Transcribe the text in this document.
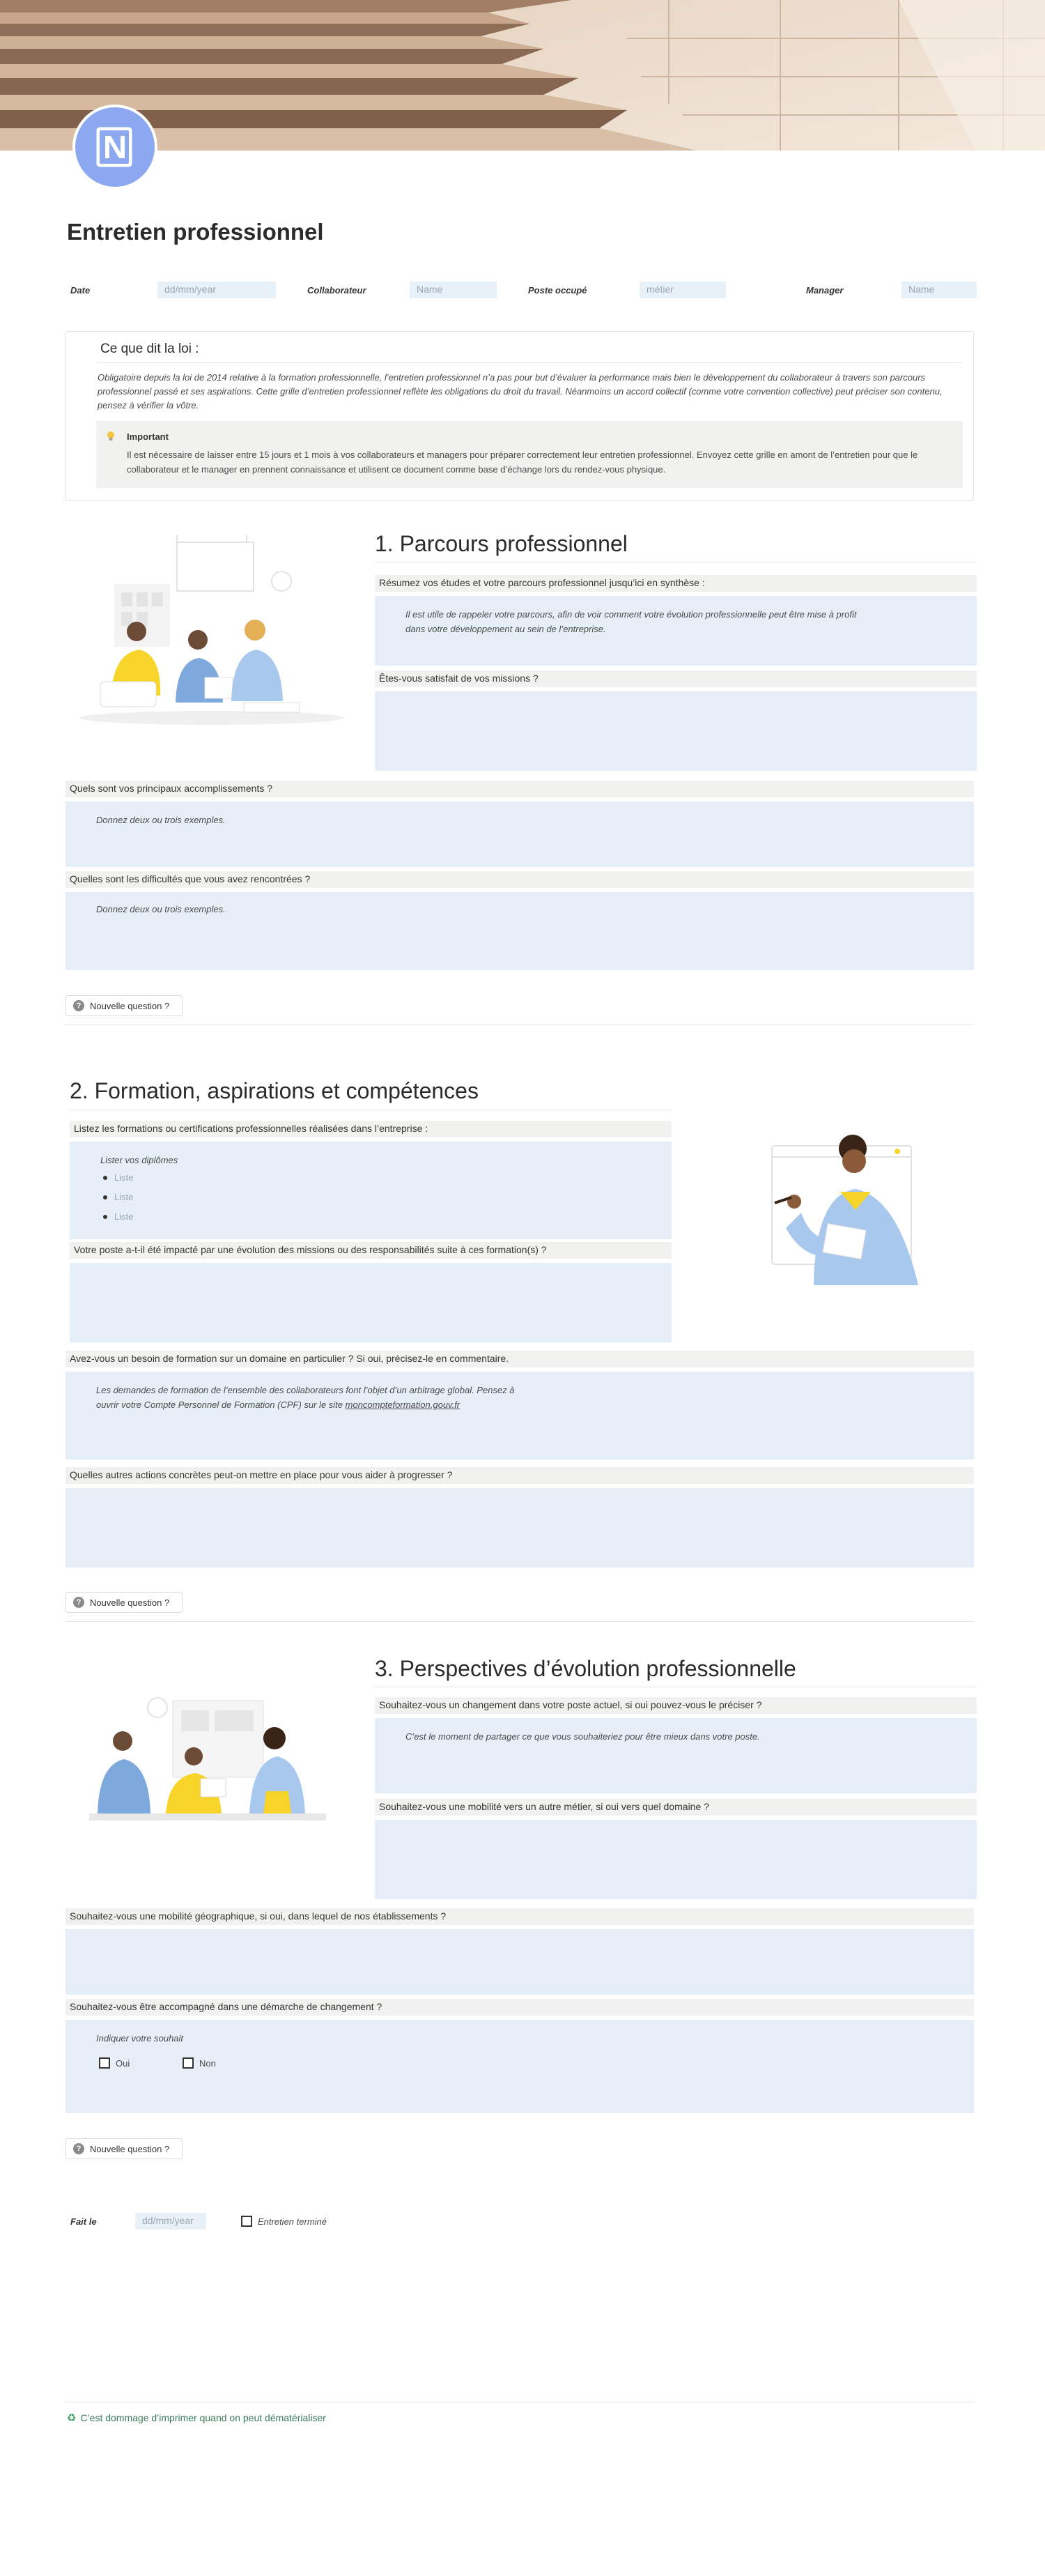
Entretien professionnel
Date	dd/mm/year	Collaborateur	Name	Poste occupé	métier	Manager	Name
Ce que dit la loi :
Obligatoire depuis la loi de 2014 relative à la formation professionnelle, l’entretien professionnel n’a pas pour but d’évaluer la performance mais bien le développement du collaborateur à travers son parcours professionnel passé et ses aspirations. Cette grille d’entretien professionnel reflète les obligations du droit du travail. Néanmoins un accord collectif (comme votre convention collective) peut préciser son contenu, pensez à vérifier la vôtre.
Important
Il est nécessaire de laisser entre 15 jours et 1 mois à vos collaborateurs et managers pour préparer correctement leur entretien professionnel. Envoyez cette grille en amont de l’entretien pour que le collaborateur et le manager en prennent connaissance et utilisent ce document comme base d’échange lors du rendez-vous physique.
1. Parcours professionnel
Résumez vos études et votre parcours professionnel jusqu’ici en synthèse :
Il est utile de rappeler votre parcours, afin de voir comment votre évolution professionnelle peut être mise à profit dans votre développement au sein de l’entreprise.
Êtes-vous satisfait de vos missions ?
Quels sont vos principaux accomplissements ?
Donnez deux ou trois exemples.
Quelles sont les difficultés que vous avez rencontrées ?
Donnez deux ou trois exemples.
? Nouvelle question ?
2. Formation, aspirations et compétences
Listez les formations ou certifications professionnelles réalisées dans l’entreprise :
Lister vos diplômes
Liste
Liste
Liste
Votre poste a-t-il été impacté par une évolution des missions ou des responsabilités suite à ces formation(s) ?
Avez-vous un besoin de formation sur un domaine en particulier ? Si oui, précisez-le en commentaire.
Les demandes de formation de l’ensemble des collaborateurs font l’objet d’un arbitrage global. Pensez à
ouvrir votre Compte Personnel de Formation (CPF) sur le site moncompteformation.gouv.fr
Quelles autres actions concrètes peut-on mettre en place pour vous aider à progresser ?
? Nouvelle question ?
3. Perspectives d’évolution professionnelle
Souhaitez-vous un changement dans votre poste actuel, si oui pouvez-vous le préciser ?
C’est le moment de partager ce que vous souhaiteriez pour être mieux dans votre poste.
Souhaitez-vous une mobilité vers un autre métier, si oui vers quel domaine ?
Souhaitez-vous une mobilité géographique, si oui, dans lequel de nos établissements ?
Souhaitez-vous être accompagné dans une démarche de changement ?
Indiquer votre souhait
Oui	Non
? Nouvelle question ?
Fait le	dd/mm/year	Entretien terminé
♻ C’est dommage d’imprimer quand on peut dématérialiser
